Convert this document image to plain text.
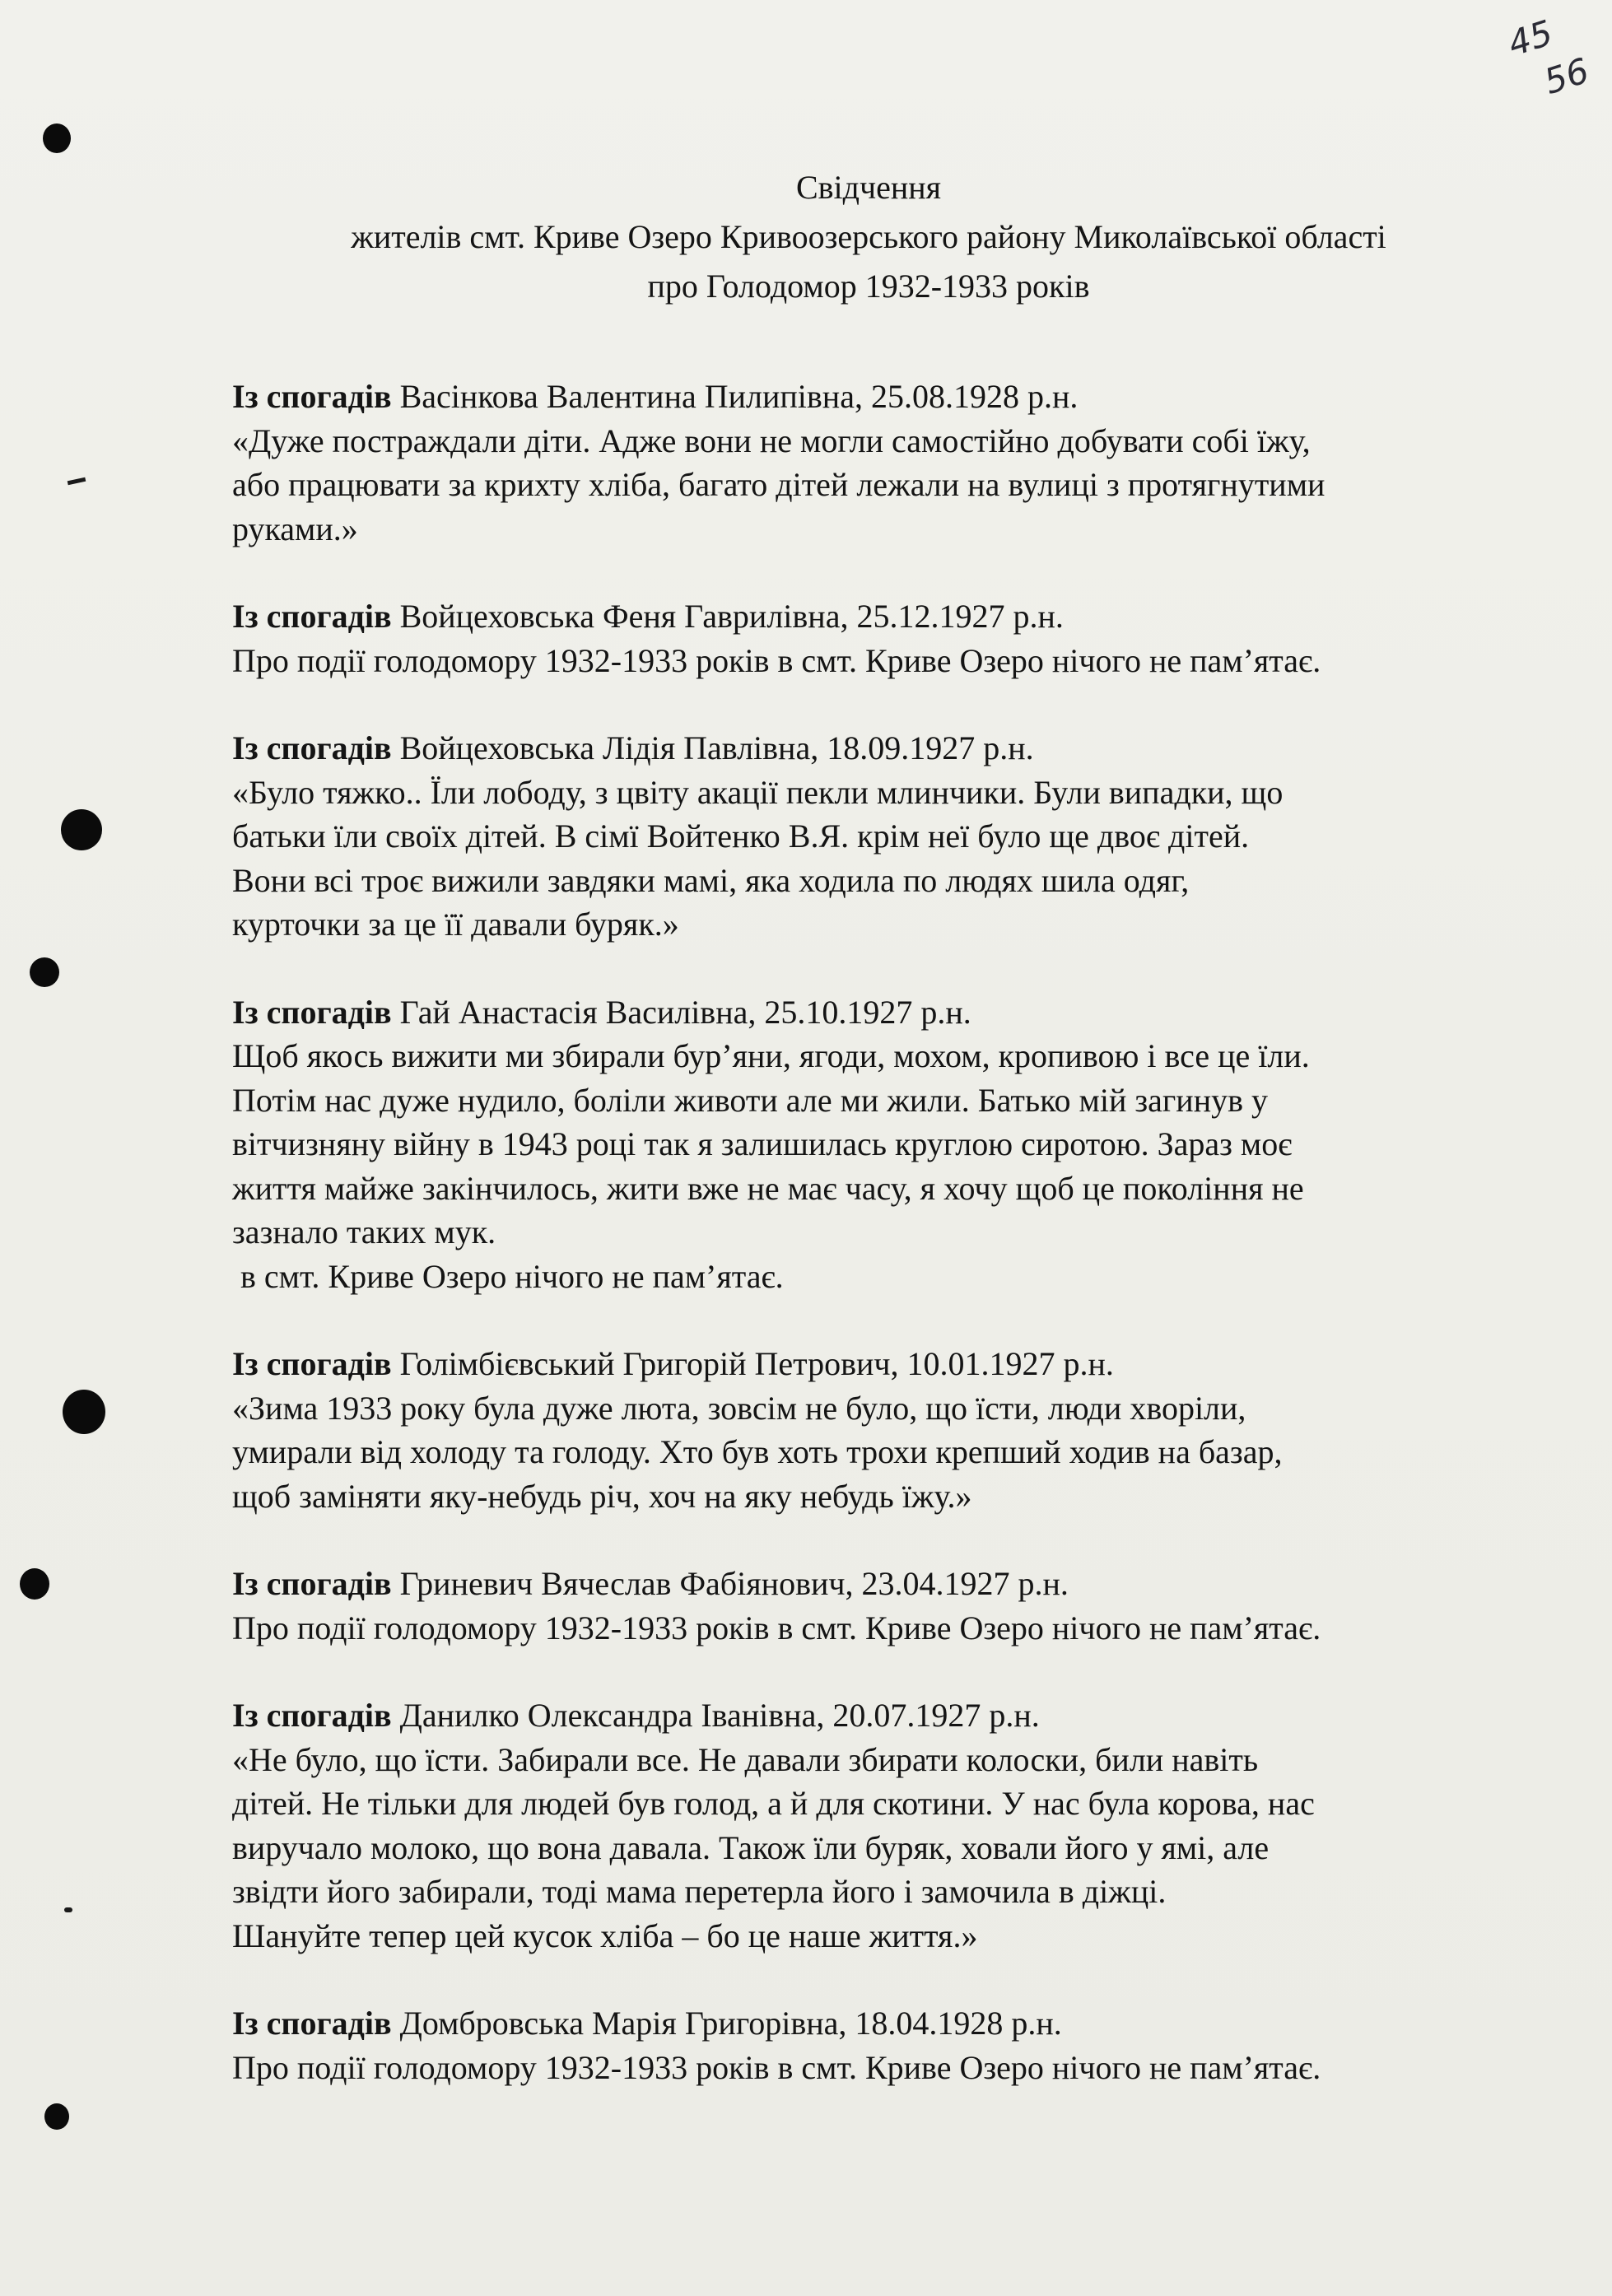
45
56
Свідчення
жителів смт. Криве Озеро Кривоозерського району Миколаївської області
про Голодомор 1932-1933 років

Із спогадів Васінкова Валентина Пилипівна, 25.08.1928 р.н.

«Дуже постраждали діти. Адже вони не могли самостійно добувати собі їжу,
або працювати за крихту хліба, багато дітей лежали на вулиці з протягнутими
руками.»

Із спогадів Войцеховська Феня Гаврилівна, 25.12.1927 р.н.

Про події голодомору 1932-1933 років в смт. Криве Озеро нічого не пам’ятає.

Із спогадів Войцеховська Лідія Павлівна, 18.09.1927 р.н.

«Було тяжко.. Їли лободу, з цвіту акації пекли млинчики. Були випадки, що
батьки їли своїх дітей. В сімї Войтенко В.Я. крім неї було ще двоє дітей.
Вони всі троє вижили завдяки мамі, яка ходила по людях шила одяг,
курточки за це її давали буряк.»

Із спогадів Гай Анастасія Василівна, 25.10.1927 р.н.

Щоб якось вижити ми збирали бур’яни, ягоди, мохом, кропивою і все це їли.
Потім нас дуже нудило, боліли животи але ми жили. Батько мій загинув у
вітчизняну війну в 1943 році так я залишилась круглою сиротою. Зараз моє
життя майже закінчилось, жити вже не має часу, я хочу щоб це покоління не
зазнало таких мук.
в смт. Криве Озеро нічого не пам’ятає.

Із спогадів Голімбієвський Григорій Петрович, 10.01.1927 р.н.

«Зима 1933 року була дуже люта, зовсім не було, що їсти, люди хворіли,
умирали від холоду та голоду. Хто був хоть трохи крепший ходив на базар,
щоб заміняти яку-небудь річ, хоч на яку небудь їжу.»

Із спогадів Гриневич Вячеслав Фабіянович, 23.04.1927 р.н.

Про події голодомору 1932-1933 років в смт. Криве Озеро нічого не пам’ятає.

Із спогадів Данилко Олександра Іванівна, 20.07.1927 р.н.

«Не було, що їсти. Забирали все. Не давали збирати колоски, били навіть
дітей. Не тільки для людей був голод, а й для скотини. У нас була корова, нас
виручало молоко, що вона давала. Також їли буряк, ховали його у ямі, але
звідти його забирали, тоді мама перетерла його і замочила в діжці.
Шануйте тепер цей кусок хліба – бо це наше життя.»

Із спогадів Домбровська Марія Григорівна, 18.04.1928 р.н.

Про події голодомору 1932-1933 років в смт. Криве Озеро нічого не пам’ятає.
